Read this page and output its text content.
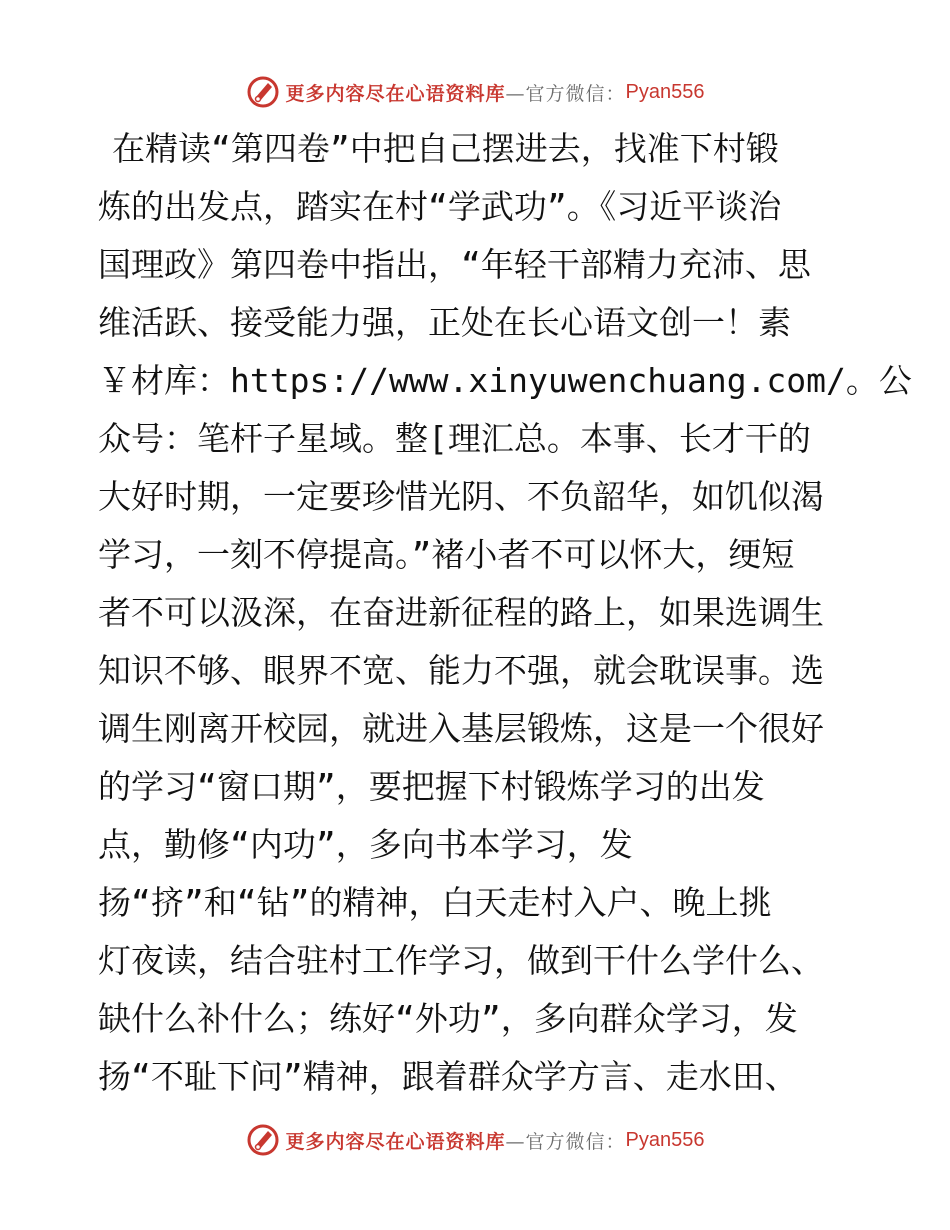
更多内容尽在心语资料库 —官方微信： Pyan556
在精读“第四卷”中把自己摆进去，找准下村锻
炼的出发点，踏实在村“学武功”。《习近平谈治
国理政》第四卷中指出，“年轻干部精力充沛、思
维活跃、接受能力强，正处在长心语文创一！素
￥材库：https://www.xinyuwenchuang.com/。公
众号：笔杆子星域。整[理汇总。本事、长才干的
大好时期，一定要珍惜光阴、不负韶华，如饥似渴
学习，一刻不停提高。”褚小者不可以怀大，绠短
者不可以汲深，在奋进新征程的路上，如果选调生
知识不够、眼界不宽、能力不强，就会耽误事。选
调生刚离开校园，就进入基层锻炼，这是一个很好
的学习“窗口期”，要把握下村锻炼学习的出发
点，勤修“内功”，多向书本学习，发
扬“挤”和“钻”的精神，白天走村入户、晚上挑
灯夜读，结合驻村工作学习，做到干什么学什么、
缺什么补什么；练好“外功”，多向群众学习，发
扬“不耻下问”精神，跟着群众学方言、走水田、
更多内容尽在心语资料库 —官方微信： Pyan556
